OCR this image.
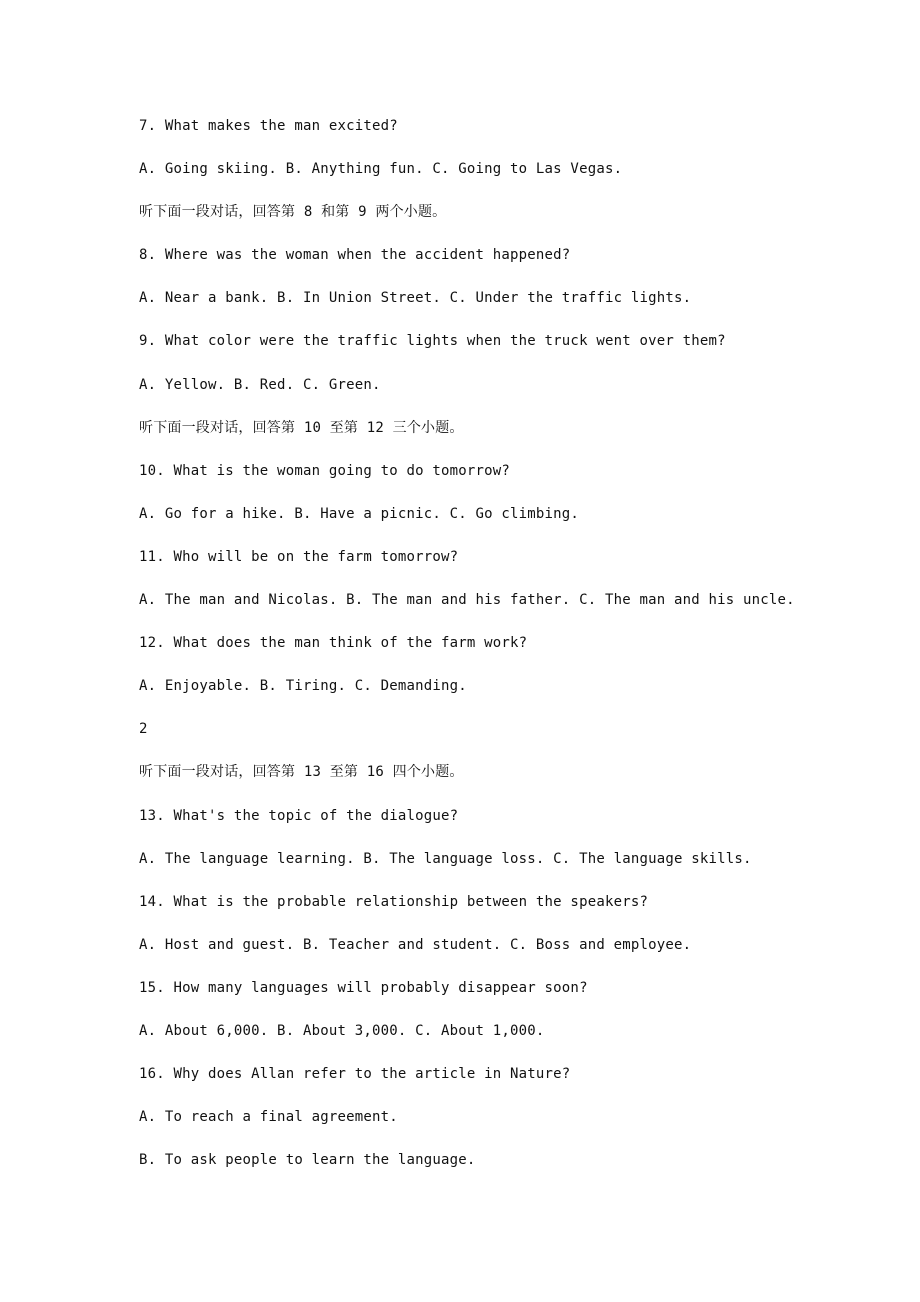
7. What makes the man excited?
A. Going skiing. B. Anything fun. C. Going to Las Vegas.
听下面一段对话，回答第 8 和第 9 两个小题。
8. Where was the woman when the accident happened?
A. Near a bank. B. In Union Street. C. Under the traffic lights.
9. What color were the traffic lights when the truck went over them?
A. Yellow. B. Red. C. Green.
听下面一段对话，回答第 10 至第 12 三个小题。
10. What is the woman going to do tomorrow?
A. Go for a hike. B. Have a picnic. C. Go climbing.
11. Who will be on the farm tomorrow?
A. The man and Nicolas. B. The man and his father. C. The man and his uncle.
12. What does the man think of the farm work?
A. Enjoyable. B. Tiring. C. Demanding.
2
听下面一段对话，回答第 13 至第 16 四个小题。
13. What's the topic of the dialogue?
A. The language learning. B. The language loss. C. The language skills.
14. What is the probable relationship between the speakers?
A. Host and guest. B. Teacher and student. C. Boss and employee.
15. How many languages will probably disappear soon?
A. About 6,000. B. About 3,000. C. About 1,000.
16. Why does Allan refer to the article in Nature?
A. To reach a final agreement.
B. To ask people to learn the language.
